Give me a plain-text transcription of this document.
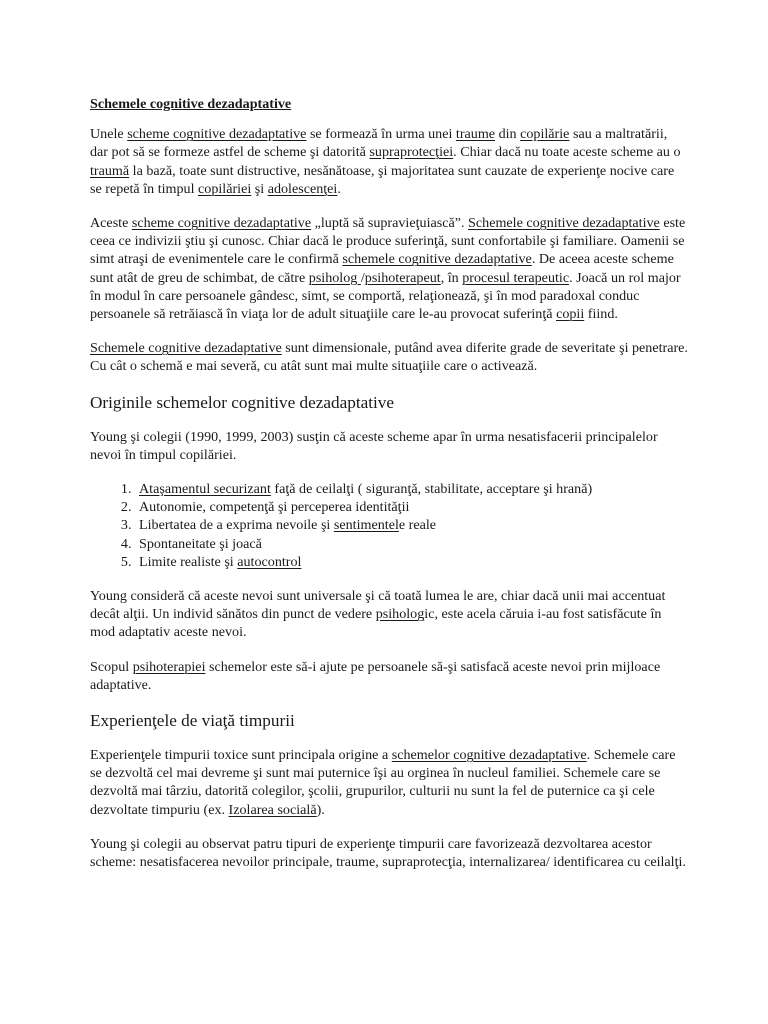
Schemele cognitive dezadaptative

Unele scheme cognitive dezadaptative se formează în urma unei traume din copilărie sau a maltratării, dar pot să se formeze astfel de scheme şi datorită supraprotecţiei. Chiar dacă nu toate aceste scheme au o traumă la bază, toate sunt distructive, nesănătoase, şi majoritatea sunt cauzate de experienţe nocive care se repetă în timpul copilăriei şi adolescenţei.

Aceste scheme cognitive dezadaptative „luptă să supravieţuiască”. Schemele cognitive dezadaptative este ceea ce indivizii ştiu şi cunosc. Chiar dacă le produce suferinţă, sunt confortabile şi familiare. Oamenii se simt atraşi de evenimentele care le confirmă schemele cognitive dezadaptative. De aceea aceste scheme sunt atât de greu de schimbat, de către psiholog /psihoterapeut, în procesul terapeutic. Joacă un rol major în modul în care persoanele gândesc, simt, se comportă, relaţionează, şi în mod paradoxal conduc persoanele să retrăiască în viaţa lor de adult situaţiile care le-au provocat suferinţă copii fiind.

Schemele cognitive dezadaptative sunt dimensionale, putând avea diferite grade de severitate şi penetrare. Cu cât o schemă e mai severă, cu atât sunt mai multe situaţiile care o activează.

Originile schemelor cognitive dezadaptative

Young şi colegii (1990, 1999, 2003) susţin că aceste scheme apar în urma nesatisfacerii principalelor nevoi în timpul copilăriei.

1. Ataşamentul securizant faţă de ceilalţi ( siguranţă, stabilitate, acceptare şi hrană)
2. Autonomie, competenţă şi perceperea identităţii
3. Libertatea de a exprima nevoile şi sentimentele reale
4. Spontaneitate şi joacă
5. Limite realiste şi autocontrol

Young consideră că aceste nevoi sunt universale şi că toată lumea le are, chiar dacă unii mai accentuat decât alţii. Un individ sănătos din punct de vedere psihologic, este acela căruia i-au fost satisfăcute în mod adaptativ aceste nevoi.

Scopul psihoterapiei schemelor este să-i ajute pe persoanele să-şi satisfacă aceste nevoi prin mijloace adaptative.

Experienţele de viaţă timpurii

Experienţele timpurii toxice sunt principala origine a schemelor cognitive dezadaptative. Schemele care se dezvoltă cel mai devreme şi sunt mai puternice îşi au orginea în nucleul familiei. Schemele care se dezvoltă mai târziu, datorită colegilor, şcolii, grupurilor, culturii nu sunt la fel de puternice ca şi cele dezvoltate timpuriu (ex. Izolarea socială).

Young şi colegii au observat patru tipuri de experienţe timpurii care favorizează dezvoltarea acestor scheme: nesatisfacerea nevoilor principale, traume, supraprotecţia, internalizarea/ identificarea cu ceilalţi.
